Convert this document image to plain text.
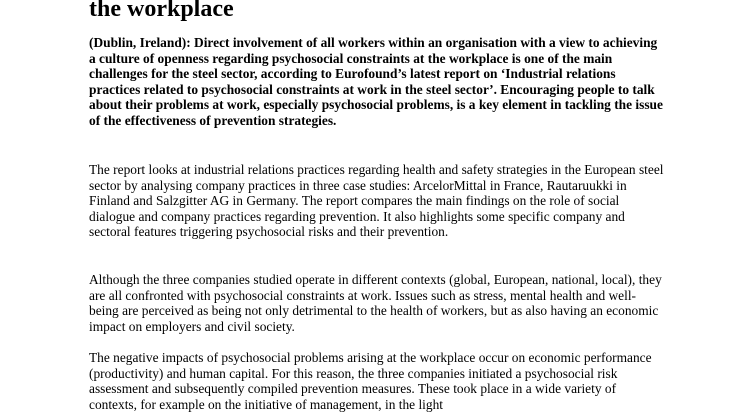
the workplace

(Dublin, Ireland): Direct involvement of all workers within an organisation with a view to achieving a culture of openness regarding psychosocial constraints at the workplace is one of the main challenges for the steel sector, according to Eurofound’s latest report on ‘Industrial relations practices related to psychosocial constraints at work in the steel sector’. Encouraging people to talk about their problems at work, especially psychosocial problems, is a key element in tackling the issue of the effectiveness of prevention strategies.

The report looks at industrial relations practices regarding health and safety strategies in the European steel sector by analysing company practices in three case studies: ArcelorMittal in France, Rautaruukki in Finland and Salzgitter AG in Germany. The report compares the main findings on the role of social dialogue and company practices regarding prevention. It also highlights some specific company and sectoral features triggering psychosocial risks and their prevention.

Although the three companies studied operate in different contexts (global, European, national, local), they are all confronted with psychosocial constraints at work. Issues such as stress, mental health and well-being are perceived as being not only detrimental to the health of workers, but as also having an economic impact on employers and civil society.

The negative impacts of psychosocial problems arising at the workplace occur on economic performance (productivity) and human capital. For this reason, the three companies initiated a psychosocial risk assessment and subsequently compiled prevention measures. These took place in a wide variety of contexts, for example on the initiative of management, in the light
